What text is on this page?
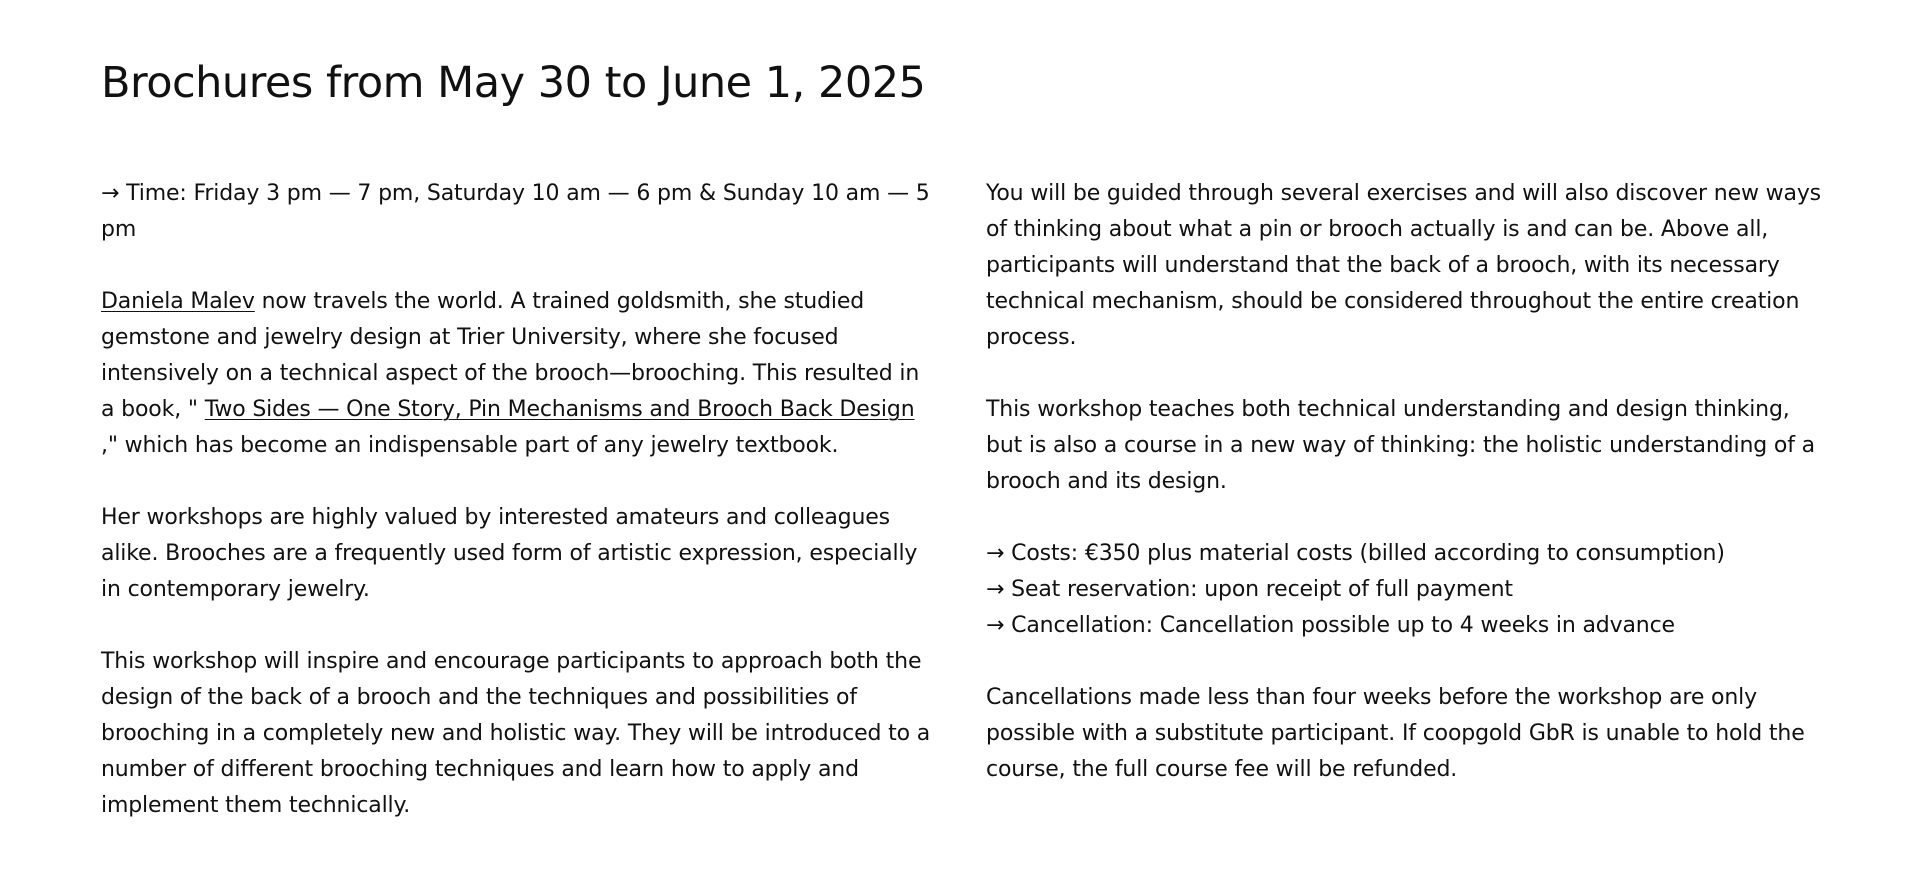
Brochures from May 30 to June 1, 2025

→ Time: Friday 3 pm — 7 pm, Saturday 10 am — 6 pm & Sunday 10 am — 5 pm

Daniela Malev now travels the world. A trained goldsmith, she studied gemstone and jewelry design at Trier University, where she focused intensively on a technical aspect of the brooch—brooching. This resulted in a book, " Two Sides — One Story, Pin Mechanisms and Brooch Back Design ," which has become an indispensable part of any jewelry textbook.

Her workshops are highly valued by interested amateurs and colleagues alike. Brooches are a frequently used form of artistic expression, especially in contemporary jewelry.

This workshop will inspire and encourage participants to approach both the design of the back of a brooch and the techniques and possibilities of brooching in a completely new and holistic way. They will be introduced to a number of different brooching techniques and learn how to apply and implement them technically.

You will be guided through several exercises and will also discover new ways of thinking about what a pin or brooch actually is and can be. Above all, participants will understand that the back of a brooch, with its necessary technical mechanism, should be considered throughout the entire creation process.

This workshop teaches both technical understanding and design thinking, but is also a course in a new way of thinking: the holistic understanding of a brooch and its design.

→ Costs: €350 plus material costs (billed according to consumption)
→ Seat reservation: upon receipt of full payment
→ Cancellation: Cancellation possible up to 4 weeks in advance

Cancellations made less than four weeks before the workshop are only possible with a substitute participant. If coopgold GbR is unable to hold the course, the full course fee will be refunded.
